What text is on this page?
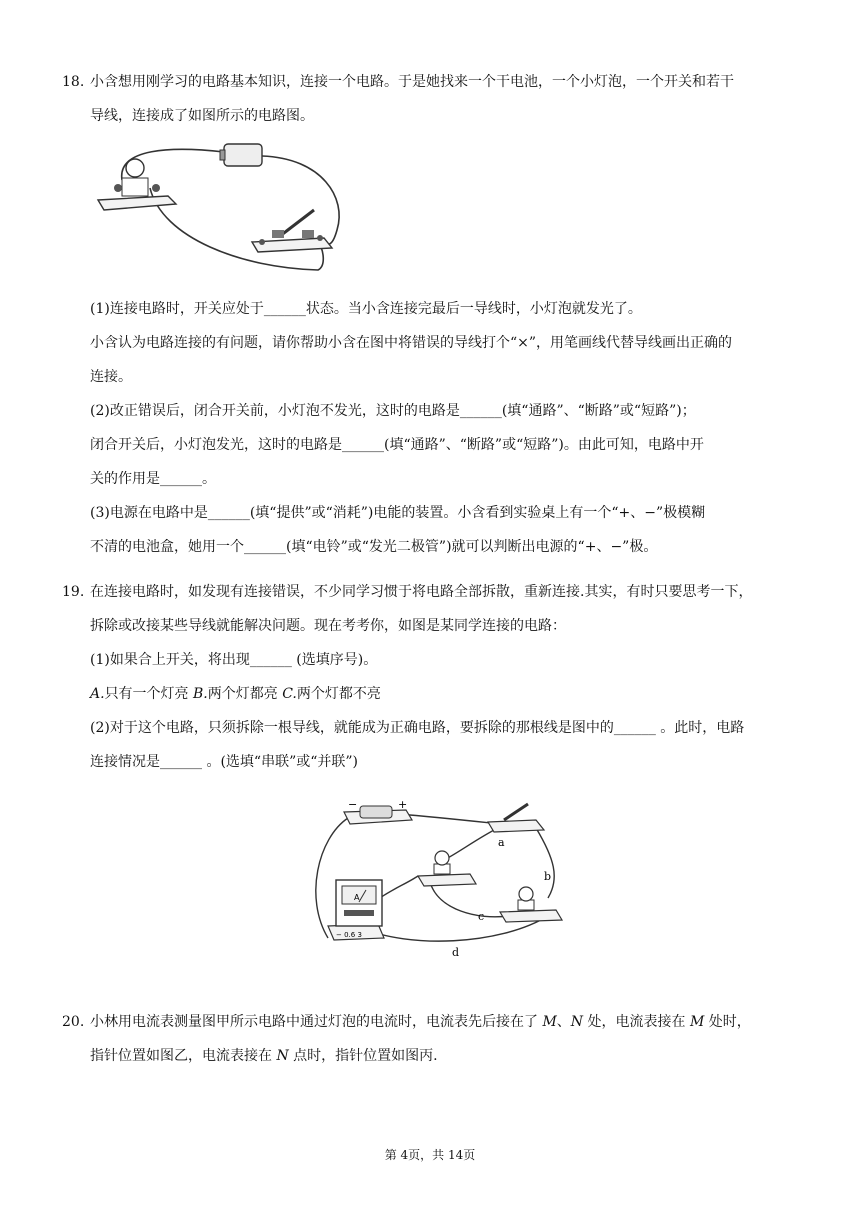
18. 小含想用刚学习的电路基本知识，连接一个电路。于是她找来一个干电池，一个小灯泡，一个开关和若干
导线，连接成了如图所示的电路图。
(1)连接电路时，开关应处于______状态。当小含连接完最后一导线时，小灯泡就发光了。
小含认为电路连接的有问题，请你帮助小含在图中将错误的导线打个“×”，用笔画线代替导线画出正确的
连接。
(2)改正错误后，闭合开关前，小灯泡不发光，这时的电路是______(填“通路”、“断路”或“短路”)；
闭合开关后，小灯泡发光，这时的电路是______(填“通路”、“断路”或“短路”)。由此可知，电路中开
关的作用是______。
(3)电源在电路中是______(填“提供”或“消耗”)电能的装置。小含看到实验桌上有一个“+、−”极模糊
不清的电池盒，她用一个______(填“电铃”或“发光二极管”)就可以判断出电源的“+、−”极。
19. 在连接电路时，如发现有连接错误，不少同学习惯于将电路全部拆散，重新连接.其实，有时只要思考一下，
拆除或改接某些导线就能解决问题。现在考考你，如图是某同学连接的电路：
(1)如果合上开关，将出现______ (选填序号)。
A.只有一个灯亮 B.两个灯都亮 C.两个灯都不亮
(2)对于这个电路，只须拆除一根导线，就能成为正确电路，要拆除的那根线是图中的______ 。此时，电路
连接情况是______ 。(选填“串联”或“并联”)
−	+
a
b
c
A
− 0.6 3
d
20. 小林用电流表测量图甲所示电路中通过灯泡的电流时，电流表先后接在了 M、N 处，电流表接在 M 处时，
指针位置如图乙，电流表接在 N 点时，指针位置如图丙.
第 4页，共 14页
